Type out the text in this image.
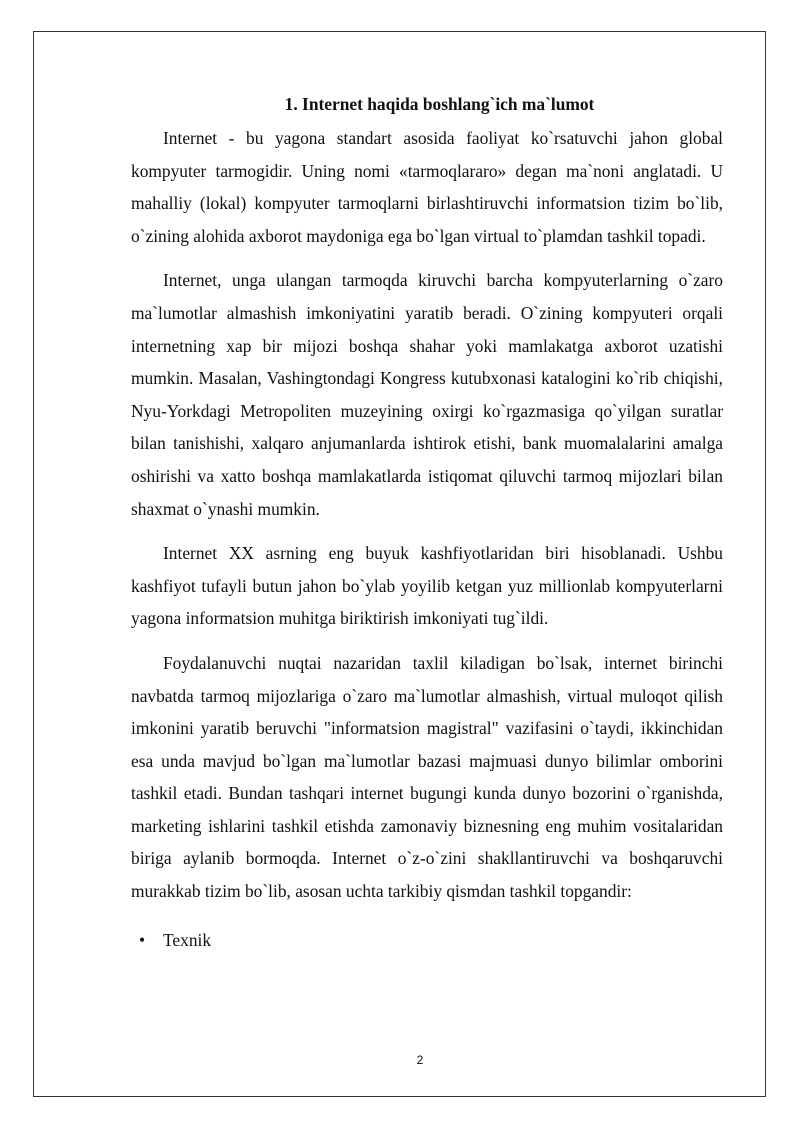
1. Internet haqida boshlang`ich ma`lumot

Internet - bu yagona standart asosida faoliyat ko`rsatuvchi jahon global kompyuter tarmogidir. Uning nomi «tarmoqlararo» degan ma`noni anglatadi. U mahalliy (lokal) kompyuter tarmoqlarni birlashtiruvchi informatsion tizim bo`lib, o`zining alohida axborot maydoniga ega bo`lgan virtual to`plamdan tashkil topadi.

Internet, unga ulangan tarmoqda kiruvchi barcha kompyuterlarning o`zaro ma`lumotlar almashish imkoniyatini yaratib beradi. O`zining kompyuteri orqali internetning xap bir mijozi boshqa shahar yoki mamlakatga axborot uzatishi mumkin. Masalan, Vashingtondagi Kongress kutubxonasi katalogini ko`rib chiqishi, Nyu-Yorkdagi Metropoliten muzeyining oxirgi ko`rgazmasiga qo`yilgan suratlar bilan tanishishi, xalqaro anjumanlarda ishtirok etishi, bank muomalalarini amalga oshirishi va xatto boshqa mamlakatlarda istiqomat qiluvchi tarmoq mijozlari bilan shaxmat o`ynashi mumkin.

Internet XX asrning eng buyuk kashfiyotlaridan biri hisoblanadi. Ushbu kashfiyot tufayli butun jahon bo`ylab yoyilib ketgan yuz millionlab kompyuterlarni yagona informatsion muhitga biriktirish imkoniyati tug`ildi.

Foydalanuvchi nuqtai nazaridan taxlil kiladigan bo`lsak, internet birinchi navbatda tarmoq mijozlariga o`zaro ma`lumotlar almashish, virtual muloqot qilish imkonini yaratib beruvchi "informatsion magistral" vazifasini o`taydi, ikkinchidan esa unda mavjud bo`lgan ma`lumotlar bazasi majmuasi dunyo bilimlar omborini tashkil etadi. Bundan tashqari internet bugungi kunda dunyo bozorini o`rganishda, marketing ishlarini tashkil etishda zamonaviy biznesning eng muhim vositalaridan biriga aylanib bormoqda. Internet o`z-o`zini shakllantiruvchi va boshqaruvchi murakkab tizim bo`lib, asosan uchta tarkibiy qismdan tashkil topgandir:

• Texnik
2
